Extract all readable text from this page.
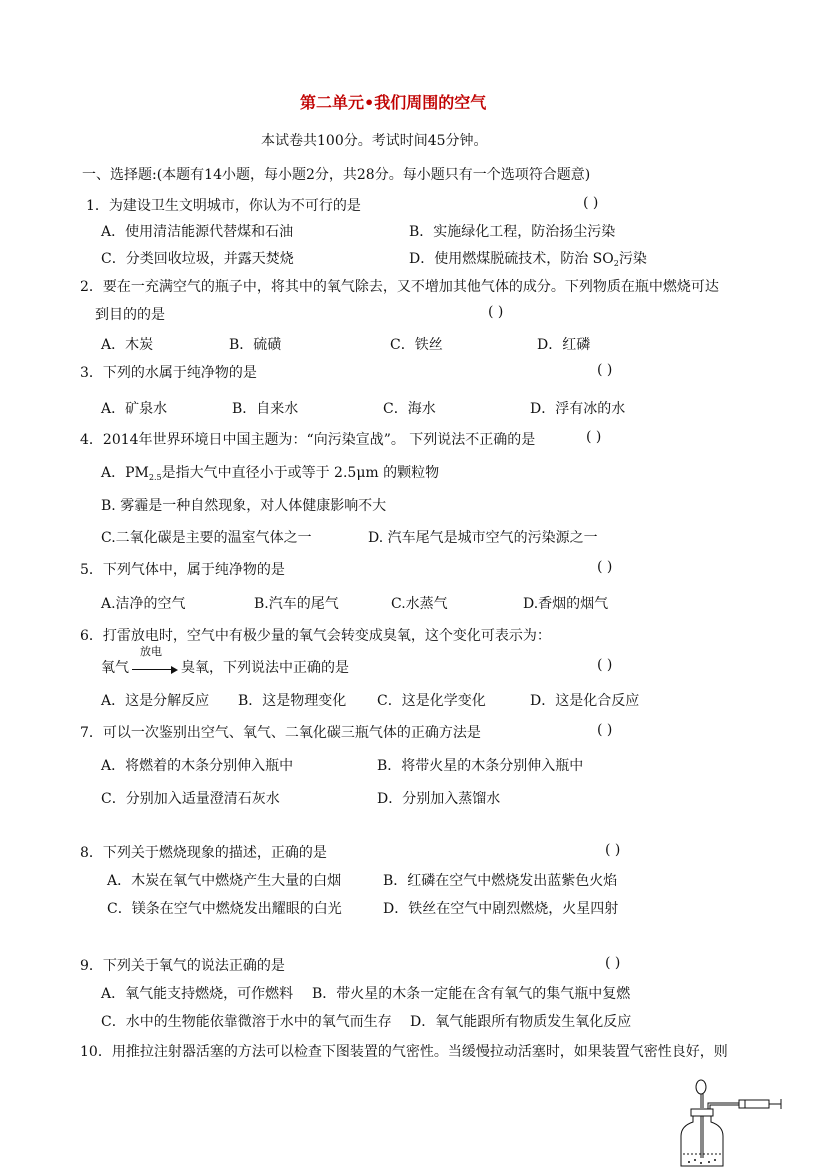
第二单元•我们周围的空气
本试卷共100分。考试时间45分钟。
一、选择题:(本题有14小题，每小题2分，共28分。每小题只有一个选项符合题意)
1．为建设卫生文明城市，你认为不可行的是	( )
A．使用清洁能源代替煤和石油	B．实施绿化工程，防治扬尘污染
C．分类回收垃圾，并露天焚烧	D．使用燃煤脱硫技术，防治 $SO_2$污染
2．要在一充满空气的瓶子中，将其中的氧气除去，又不增加其他气体的成分。下列物质在瓶中燃烧可达
到目的的是	( )
A．木炭	B．硫磺	C．铁丝	D．红磷
3．下列的水属于纯净物的是	( )
A．矿泉水	B．自来水	C．海水	D．浮有冰的水
4．2014年世界环境日中国主题为：“向污染宣战”。 下列说法不正确的是	( )
A．$PM_{2.5}$是指大气中直径小于或等于 2.5μm 的颗粒物
B. 雾霾是一种自然现象，对人体健康影响不大
C.二氧化碳是主要的温室气体之一	D. 汽车尾气是城市空气的污染源之一
5．下列气体中，属于纯净物的是	( )
A.洁净的空气	B.汽车的尾气	C.水蒸气	D.香烟的烟气
6．打雷放电时，空气中有极少量的氧气会转变成臭氧，这个变化可表示为：
氧气
放电
臭氧，下列说法中正确的是	( )
A．这是分解反应 B．这是物理变化 C．这是化学变化	D．这是化合反应
7．可以一次鉴别出空气、氧气、二氧化碳三瓶气体的正确方法是	( )
A．将燃着的木条分别伸入瓶中	B．将带火星的木条分别伸入瓶中
C．分别加入适量澄清石灰水	D．分别加入蒸馏水
8．下列关于燃烧现象的描述，正确的是	( )
A．木炭在氧气中燃烧产生大量的白烟	B．红磷在空气中燃烧发出蓝紫色火焰
C．镁条在空气中燃烧发出耀眼的白光	D．铁丝在空气中剧烈燃烧，火星四射
9．下列关于氧气的说法正确的是	( )
A．氧气能支持燃烧，可作燃料 B．带火星的木条一定能在含有氧气的集气瓶中复燃
C．水中的生物能依靠微溶于水中的氧气而生存 D．氧气能跟所有物质发生氧化反应
10．用推拉注射器活塞的方法可以检查下图装置的气密性。当缓慢拉动活塞时，如果装置气密性良好，则
